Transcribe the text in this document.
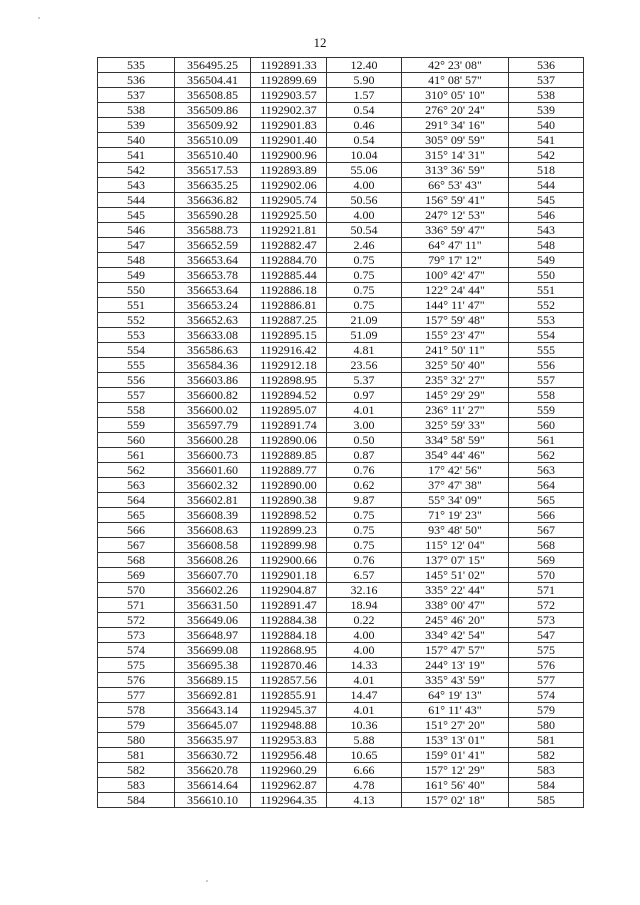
12
535	356495.25	1192891.33	12.40	42° 23' 08"	536
536	356504.41	1192899.69	5.90	41° 08' 57"	537
537	356508.85	1192903.57	1.57	310° 05' 10"	538
538	356509.86	1192902.37	0.54	276° 20' 24"	539
539	356509.92	1192901.83	0.46	291° 34' 16"	540
540	356510.09	1192901.40	0.54	305° 09' 59"	541
541	356510.40	1192900.96	10.04	315° 14' 31"	542
542	356517.53	1192893.89	55.06	313° 36' 59"	518
543	356635.25	1192902.06	4.00	66° 53' 43"	544
544	356636.82	1192905.74	50.56	156° 59' 41"	545
545	356590.28	1192925.50	4.00	247° 12' 53"	546
546	356588.73	1192921.81	50.54	336° 59' 47"	543
547	356652.59	1192882.47	2.46	64° 47' 11"	548
548	356653.64	1192884.70	0.75	79° 17' 12"	549
549	356653.78	1192885.44	0.75	100° 42' 47"	550
550	356653.64	1192886.18	0.75	122° 24' 44"	551
551	356653.24	1192886.81	0.75	144° 11' 47"	552
552	356652.63	1192887.25	21.09	157° 59' 48"	553
553	356633.08	1192895.15	51.09	155° 23' 47"	554
554	356586.63	1192916.42	4.81	241° 50' 11"	555
555	356584.36	1192912.18	23.56	325° 50' 40"	556
556	356603.86	1192898.95	5.37	235° 32' 27"	557
557	356600.82	1192894.52	0.97	145° 29' 29"	558
558	356600.02	1192895.07	4.01	236° 11' 27"	559
559	356597.79	1192891.74	3.00	325° 59' 33"	560
560	356600.28	1192890.06	0.50	334° 58' 59"	561
561	356600.73	1192889.85	0.87	354° 44' 46"	562
562	356601.60	1192889.77	0.76	17° 42' 56"	563
563	356602.32	1192890.00	0.62	37° 47' 38"	564
564	356602.81	1192890.38	9.87	55° 34' 09"	565
565	356608.39	1192898.52	0.75	71° 19' 23"	566
566	356608.63	1192899.23	0.75	93° 48' 50"	567
567	356608.58	1192899.98	0.75	115° 12' 04"	568
568	356608.26	1192900.66	0.76	137° 07' 15"	569
569	356607.70	1192901.18	6.57	145° 51' 02"	570
570	356602.26	1192904.87	32.16	335° 22' 44"	571
571	356631.50	1192891.47	18.94	338° 00' 47"	572
572	356649.06	1192884.38	0.22	245° 46' 20"	573
573	356648.97	1192884.18	4.00	334° 42' 54"	547
574	356699.08	1192868.95	4.00	157° 47' 57"	575
575	356695.38	1192870.46	14.33	244° 13' 19"	576
576	356689.15	1192857.56	4.01	335° 43' 59"	577
577	356692.81	1192855.91	14.47	64° 19' 13"	574
578	356643.14	1192945.37	4.01	61° 11' 43"	579
579	356645.07	1192948.88	10.36	151° 27' 20"	580
580	356635.97	1192953.83	5.88	153° 13' 01"	581
581	356630.72	1192956.48	10.65	159° 01' 41"	582
582	356620.78	1192960.29	6.66	157° 12' 29"	583
583	356614.64	1192962.87	4.78	161° 56' 40"	584
584	356610.10	1192964.35	4.13	157° 02' 18"	585
